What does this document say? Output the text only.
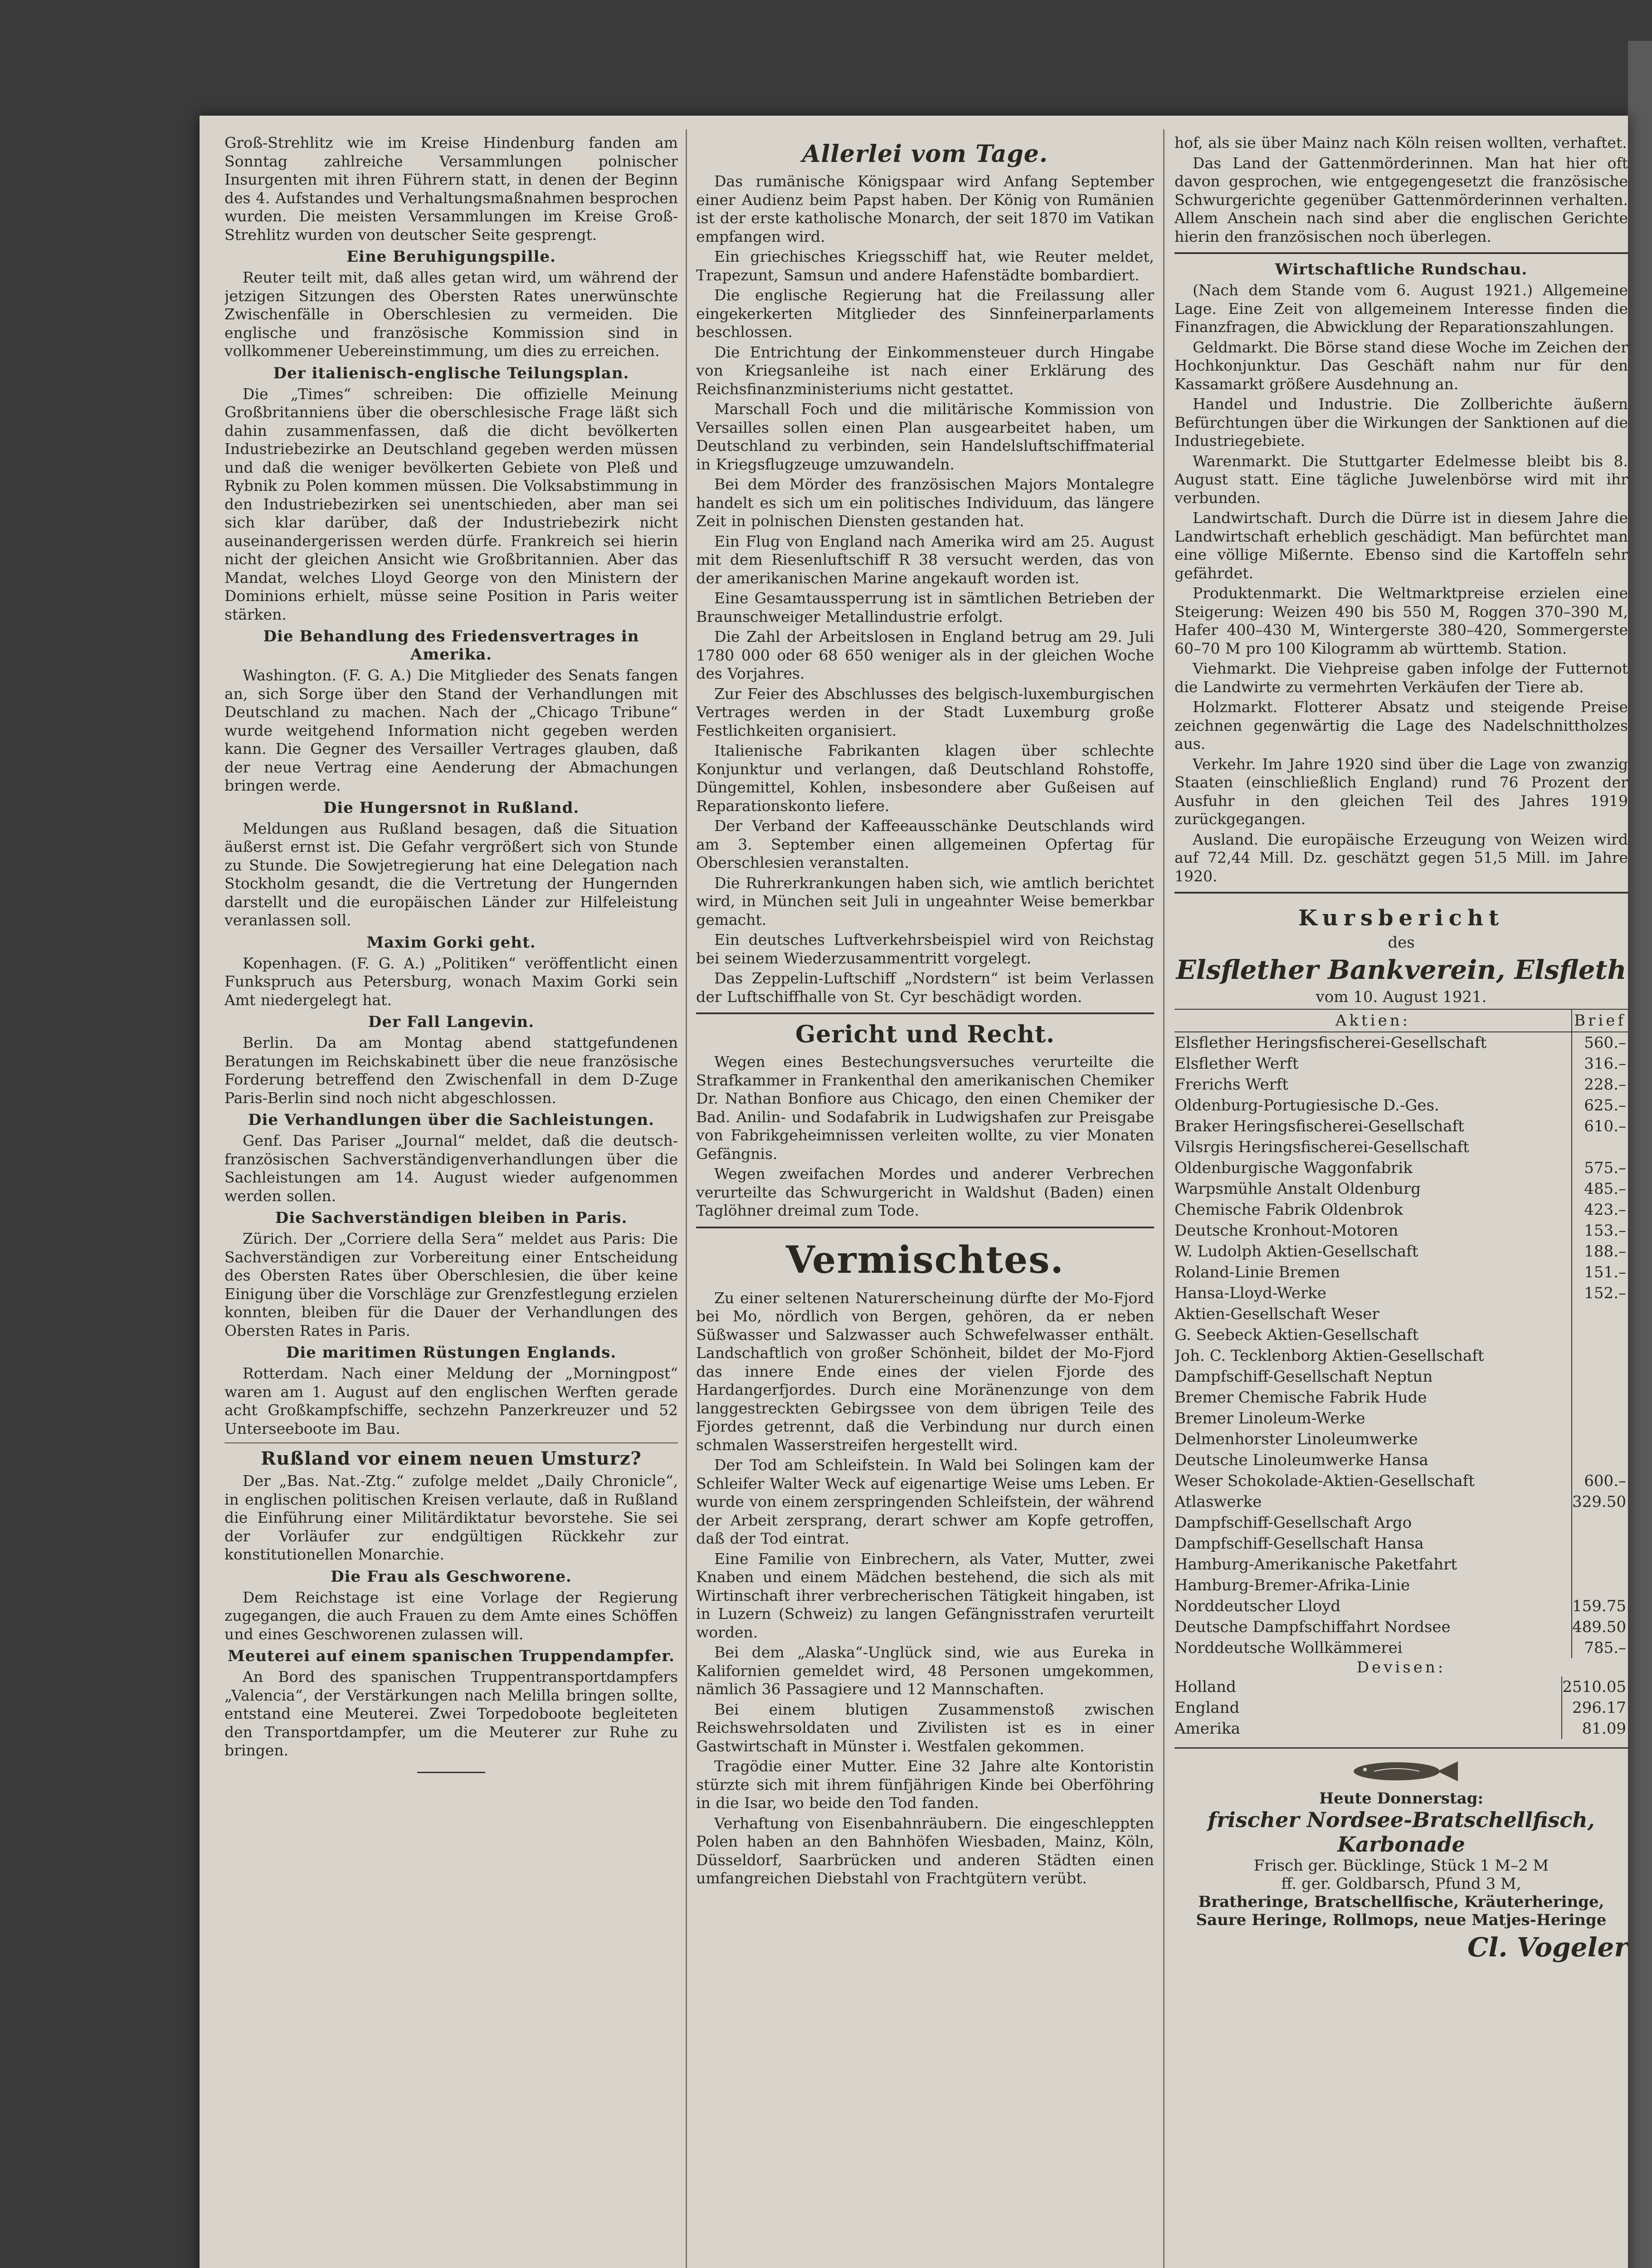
Groß-Strehlitz wie im Kreise Hindenburg fanden am Sonntag zahlreiche Versammlungen polnischer Insurgenten mit ihren Führern statt, in denen der Beginn des 4. Aufstandes und Verhaltungsmaßnahmen besprochen wurden. Die meisten Versammlungen im Kreise Groß-Strehlitz wurden von deutscher Seite gesprengt.

Eine Beruhigungspille.

Reuter teilt mit, daß alles getan wird, um während der jetzigen Sitzungen des Obersten Rates unerwünschte Zwischenfälle in Oberschlesien zu vermeiden. Die englische und französische Kommission sind in vollkommener Uebereinstimmung, um dies zu erreichen.

Der italienisch-englische Teilungsplan.

Die „Times“ schreiben: Die offizielle Meinung Großbritanniens über die oberschlesische Frage läßt sich dahin zusammenfassen, daß die dicht bevölkerten Industriebezirke an Deutschland gegeben werden müssen und daß die weniger bevölkerten Gebiete von Pleß und Rybnik zu Polen kommen müssen. Die Volksabstimmung in den Industriebezirken sei unentschieden, aber man sei sich klar darüber, daß der Industriebezirk nicht auseinandergerissen werden dürfe. Frankreich sei hierin nicht der gleichen Ansicht wie Großbritannien. Aber das Mandat, welches Lloyd George von den Ministern der Dominions erhielt, müsse seine Position in Paris weiter stärken.

Die Behandlung des Friedensvertrages in Amerika.

Washington. (F. G. A.) Die Mitglieder des Senats fangen an, sich Sorge über den Stand der Verhandlungen mit Deutschland zu machen. Nach der „Chicago Tribune“ wurde weitgehend Information nicht gegeben werden kann. Die Gegner des Versailler Vertrages glauben, daß der neue Vertrag eine Aenderung der Abmachungen bringen werde.

Die Hungersnot in Rußland.

Meldungen aus Rußland besagen, daß die Situation äußerst ernst ist. Die Gefahr vergrößert sich von Stunde zu Stunde. Die Sowjetregierung hat eine Delegation nach Stockholm gesandt, die die Vertretung der Hungernden darstellt und die europäischen Länder zur Hilfeleistung veranlassen soll.

Maxim Gorki geht.

Kopenhagen. (F. G. A.) „Politiken“ veröffentlicht einen Funkspruch aus Petersburg, wonach Maxim Gorki sein Amt niedergelegt hat.

Der Fall Langevin.

Berlin. Da am Montag abend stattgefundenen Beratungen im Reichskabinett über die neue französische Forderung betreffend den Zwischenfall in dem D-Zuge Paris-Berlin sind noch nicht abgeschlossen.

Die Verhandlungen über die Sachleistungen.

Genf. Das Pariser „Journal“ meldet, daß die deutsch-französischen Sachverständigenverhandlungen über die Sachleistungen am 14. August wieder aufgenommen werden sollen.

Die Sachverständigen bleiben in Paris.

Zürich. Der „Corriere della Sera“ meldet aus Paris: Die Sachverständigen zur Vorbereitung einer Entscheidung des Obersten Rates über Oberschlesien, die über keine Einigung über die Vorschläge zur Grenzfestlegung erzielen konnten, bleiben für die Dauer der Verhandlungen des Obersten Rates in Paris.

Die maritimen Rüstungen Englands.

Rotterdam. Nach einer Meldung der „Morningpost“ waren am 1. August auf den englischen Werften gerade acht Großkampfschiffe, sechzehn Panzerkreuzer und 52 Unterseeboote im Bau.

Rußland vor einem neuen Umsturz?

Der „Bas. Nat.-Ztg.“ zufolge meldet „Daily Chronicle“, in englischen politischen Kreisen verlaute, daß in Rußland die Einführung einer Militärdiktatur bevorstehe. Sie sei der Vorläufer zur endgültigen Rückkehr zur konstitutionellen Monarchie.

Die Frau als Geschworene.

Dem Reichstage ist eine Vorlage der Regierung zugegangen, die auch Frauen zu dem Amte eines Schöffen und eines Geschworenen zulassen will.

Meuterei auf einem spanischen Truppendampfer.

An Bord des spanischen Truppentransportdampfers „Valencia“, der Verstärkungen nach Melilla bringen sollte, entstand eine Meuterei. Zwei Torpedoboote begleiteten den Transportdampfer, um die Meuterer zur Ruhe zu bringen.

Allerlei vom Tage.

Das rumänische Königspaar wird Anfang September einer Audienz beim Papst haben. Der König von Rumänien ist der erste katholische Monarch, der seit 1870 im Vatikan empfangen wird.

Ein griechisches Kriegsschiff hat, wie Reuter meldet, Trapezunt, Samsun und andere Hafenstädte bombardiert.

Die englische Regierung hat die Freilassung aller eingekerkerten Mitglieder des Sinnfeinerparlaments beschlossen.

Die Entrichtung der Einkommensteuer durch Hingabe von Kriegsanleihe ist nach einer Erklärung des Reichsfinanzministeriums nicht gestattet.

Marschall Foch und die militärische Kommission von Versailles sollen einen Plan ausgearbeitet haben, um Deutschland zu verbinden, sein Handelsluftschiffmaterial in Kriegsflugzeuge umzuwandeln.

Bei dem Mörder des französischen Majors Montalegre handelt es sich um ein politisches Individuum, das längere Zeit in polnischen Diensten gestanden hat.

Ein Flug von England nach Amerika wird am 25. August mit dem Riesenluftschiff R 38 versucht werden, das von der amerikanischen Marine angekauft worden ist.

Eine Gesamtaussperrung ist in sämtlichen Betrieben der Braunschweiger Metallindustrie erfolgt.

Die Zahl der Arbeitslosen in England betrug am 29. Juli 1780 000 oder 68 650 weniger als in der gleichen Woche des Vorjahres.

Zur Feier des Abschlusses des belgisch-luxemburgischen Vertrages werden in der Stadt Luxemburg große Festlichkeiten organisiert.

Italienische Fabrikanten klagen über schlechte Konjunktur und verlangen, daß Deutschland Rohstoffe, Düngemittel, Kohlen, insbesondere aber Gußeisen auf Reparationskonto liefere.

Der Verband der Kaffeeausschänke Deutschlands wird am 3. September einen allgemeinen Opfertag für Oberschlesien veranstalten.

Die Ruhrerkrankungen haben sich, wie amtlich berichtet wird, in München seit Juli in ungeahnter Weise bemerkbar gemacht.

Ein deutsches Luftverkehrsbeispiel wird von Reichstag bei seinem Wiederzusammentritt vorgelegt.

Das Zeppelin-Luftschiff „Nordstern“ ist beim Verlassen der Luftschiffhalle von St. Cyr beschädigt worden.

Gericht und Recht.

Wegen eines Bestechungsversuches verurteilte die Strafkammer in Frankenthal den amerikanischen Chemiker Dr. Nathan Bonfiore aus Chicago, den einen Chemiker der Bad. Anilin- und Sodafabrik in Ludwigshafen zur Preisgabe von Fabrikgeheimnissen verleiten wollte, zu vier Monaten Gefängnis.

Wegen zweifachen Mordes und anderer Verbrechen verurteilte das Schwurgericht in Waldshut (Baden) einen Taglöhner dreimal zum Tode.

Vermischtes.

Zu einer seltenen Naturerscheinung dürfte der Mo-Fjord bei Mo, nördlich von Bergen, gehören, da er neben Süßwasser und Salzwasser auch Schwefelwasser enthält. Landschaftlich von großer Schönheit, bildet der Mo-Fjord das innere Ende eines der vielen Fjorde des Hardangerfjordes. Durch eine Moränenzunge von dem langgestreckten Gebirgssee von dem übrigen Teile des Fjordes getrennt, daß die Verbindung nur durch einen schmalen Wasserstreifen hergestellt wird.

Der Tod am Schleifstein. In Wald bei Solingen kam der Schleifer Walter Weck auf eigenartige Weise ums Leben. Er wurde von einem zerspringenden Schleifstein, der während der Arbeit zersprang, derart schwer am Kopfe getroffen, daß der Tod eintrat.

Eine Familie von Einbrechern, als Vater, Mutter, zwei Knaben und einem Mädchen bestehend, die sich als mit Wirtinschaft ihrer verbrecherischen Tätigkeit hingaben, ist in Luzern (Schweiz) zu langen Gefängnisstrafen verurteilt worden.

Bei dem „Alaska“-Unglück sind, wie aus Eureka in Kalifornien gemeldet wird, 48 Personen umgekommen, nämlich 36 Passagiere und 12 Mannschaften.

Bei einem blutigen Zusammenstoß zwischen Reichswehrsoldaten und Zivilisten ist es in einer Gastwirtschaft in Münster i. Westfalen gekommen.

Tragödie einer Mutter. Eine 32 Jahre alte Kontoristin stürzte sich mit ihrem fünfjährigen Kinde bei Oberföhring in die Isar, wo beide den Tod fanden.

Verhaftung von Eisenbahnräubern. Die eingeschleppten Polen haben an den Bahnhöfen Wiesbaden, Mainz, Köln, Düsseldorf, Saarbrücken und anderen Städten einen umfangreichen Diebstahl von Frachtgütern verübt.

hof, als sie über Mainz nach Köln reisen wollten, verhaftet.

Das Land der Gattenmörderinnen. Man hat hier oft davon gesprochen, wie entgegengesetzt die französische Schwurgerichte gegenüber Gattenmörderinnen verhalten. Allem Anschein nach sind aber die englischen Gerichte hierin den französischen noch überlegen.

Wirtschaftliche Rundschau.

(Nach dem Stande vom 6. August 1921.) Allgemeine Lage. Eine Zeit von allgemeinem Interesse finden die Finanzfragen, die Abwicklung der Reparationszahlungen.

Geldmarkt. Die Börse stand diese Woche im Zeichen der Hochkonjunktur. Das Geschäft nahm nur für den Kassamarkt größere Ausdehnung an.

Handel und Industrie. Die Zollberichte äußern Befürchtungen über die Wirkungen der Sanktionen auf die Industriegebiete.

Warenmarkt. Die Stuttgarter Edelmesse bleibt bis 8. August statt. Eine tägliche Juwelenbörse wird mit ihr verbunden.

Landwirtschaft. Durch die Dürre ist in diesem Jahre die Landwirtschaft erheblich geschädigt. Man befürchtet man eine völlige Mißernte. Ebenso sind die Kartoffeln sehr gefährdet.

Produktenmarkt. Die Weltmarktpreise erzielen eine Steigerung: Weizen 490 bis 550 M, Roggen 370–390 M, Hafer 400–430 M, Wintergerste 380–420, Sommergerste 60–70 M pro 100 Kilogramm ab württemb. Station.

Viehmarkt. Die Viehpreise gaben infolge der Futternot die Landwirte zu vermehrten Verkäufen der Tiere ab.

Holzmarkt. Flotterer Absatz und steigende Preise zeichnen gegenwärtig die Lage des Nadelschnittholzes aus.

Verkehr. Im Jahre 1920 sind über die Lage von zwanzig Staaten (einschließlich England) rund 76 Prozent der Ausfuhr in den gleichen Teil des Jahres 1919 zurückgegangen.

Ausland. Die europäische Erzeugung von Weizen wird auf 72,44 Mill. Dz. geschätzt gegen 51,5 Mill. im Jahre 1920.

Kursbericht
des
Elsflether Bankverein, Elsfleth
vom 10. August 1921.
Aktien:	Brief
Elsflether Heringsfischerei-Gesellschaft	560.–
Elsflether Werft	316.–
Frerichs Werft	228.–
Oldenburg-Portugiesische D.-Ges.	625.–
Braker Heringsfischerei-Gesellschaft	610.–
Vilsrgis Heringsfischerei-Gesellschaft	
Oldenburgische Waggonfabrik	575.–
Warpsmühle Anstalt Oldenburg	485.–
Chemische Fabrik Oldenbrok	423.–
Deutsche Kronhout-Motoren	153.–
W. Ludolph Aktien-Gesellschaft	188.–
Roland-Linie Bremen	151.–
Hansa-Lloyd-Werke	152.–
Aktien-Gesellschaft Weser	
G. Seebeck Aktien-Gesellschaft	
Joh. C. Tecklenborg Aktien-Gesellschaft	
Dampfschiff-Gesellschaft Neptun	
Bremer Chemische Fabrik Hude	
Bremer Linoleum-Werke	
Delmenhorster Linoleumwerke	
Deutsche Linoleumwerke Hansa	
Weser Schokolade-Aktien-Gesellschaft	600.–
Atlaswerke	329.50
Dampfschiff-Gesellschaft Argo	
Dampfschiff-Gesellschaft Hansa	
Hamburg-Amerikanische Paketfahrt	
Hamburg-Bremer-Afrika-Linie	
Norddeutscher Lloyd	159.75
Deutsche Dampfschiffahrt Nordsee	489.50
Norddeutsche Wollkämmerei	785.–
Devisen:
Holland	2510.05
England	296.17
Amerika	81.09
Heute Donnerstag:
frischer Nordsee-Bratschellfisch, Karbonade
Frisch ger. Bücklinge, Stück 1 M–2 M
ff. ger. Goldbarsch, Pfund 3 M,
Bratheringe, Bratschellfische, Kräuterheringe, Saure Heringe, Rollmops, neue Matjes-Heringe
Cl. Vogeler
